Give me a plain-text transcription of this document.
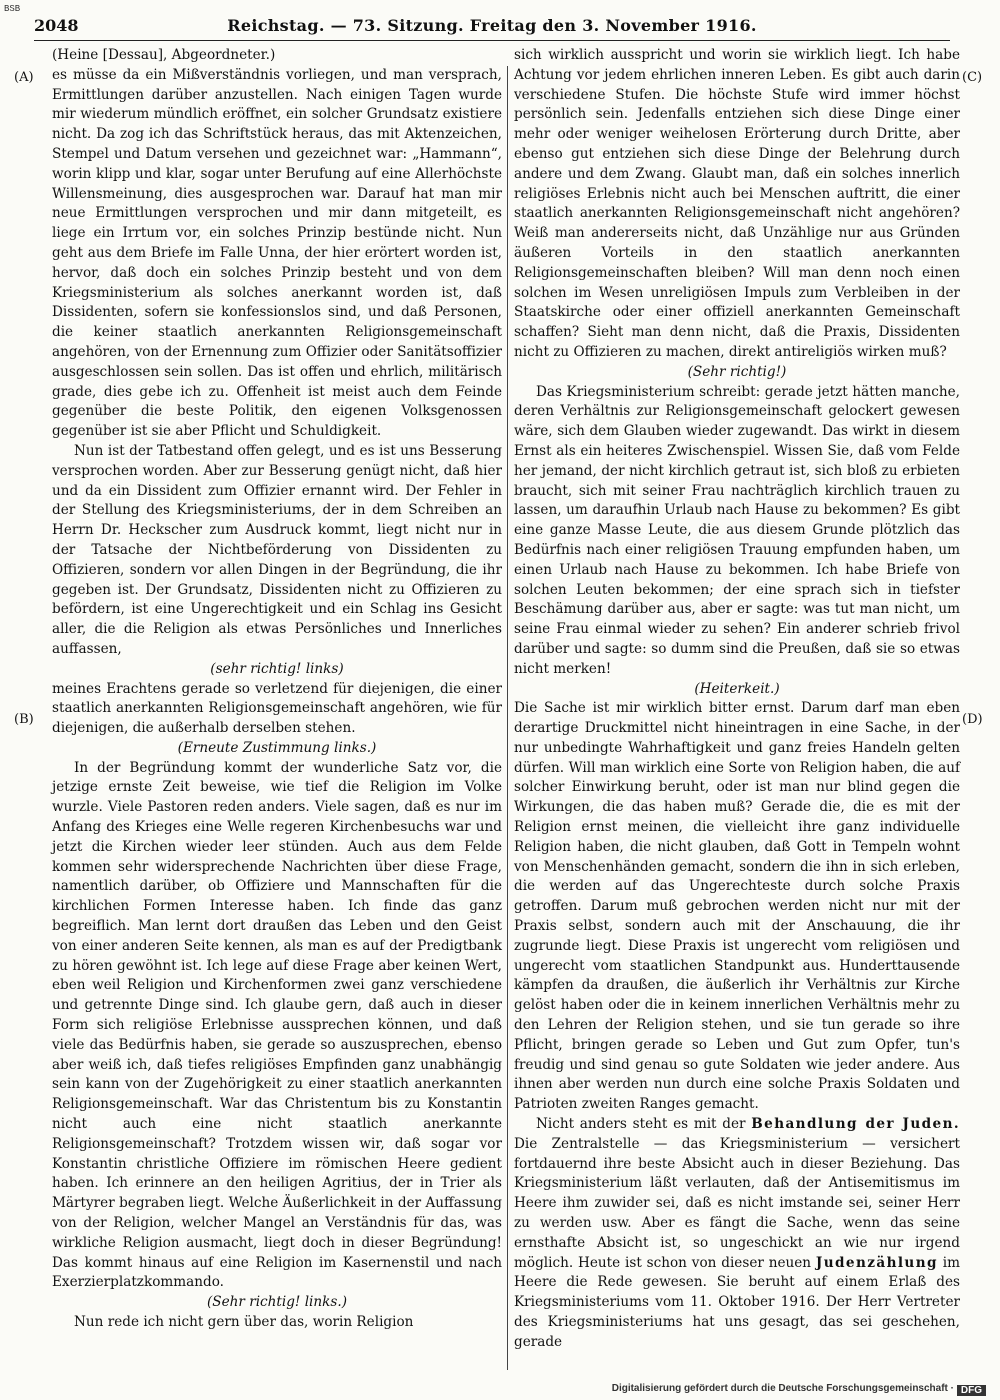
BSB
2048	Reichstag. — 73. Sitzung. Freitag den 3. November 1916.
(A)
(B)
(C)
(D)

(Heine [Dessau], Abgeordneter.)

es müsse da ein Mißverständnis vorliegen, und man versprach, Ermittlungen darüber anzustellen. Nach einigen Tagen wurde mir wiederum mündlich eröffnet, ein solcher Grundsatz existiere nicht. Da zog ich das Schriftstück heraus, das mit Aktenzeichen, Stempel und Datum versehen und gezeichnet war: „Hammann“, worin klipp und klar, sogar unter Berufung auf eine Allerhöchste Willensmeinung, dies ausgesprochen war. Darauf hat man mir neue Ermittlungen versprochen und mir dann mitgeteilt, es liege ein Irrtum vor, ein solches Prinzip bestünde nicht. Nun geht aus dem Briefe im Falle Unna, der hier erörtert worden ist, hervor, daß doch ein solches Prinzip besteht und von dem Kriegsministerium als solches anerkannt worden ist, daß Dissidenten, sofern sie konfessionslos sind, und daß Personen, die keiner staatlich anerkannten Religionsgemeinschaft angehören, von der Ernennung zum Offizier oder Sanitätsoffizier ausgeschlossen sein sollen. Das ist offen und ehrlich, militärisch grade, dies gebe ich zu. Offenheit ist meist auch dem Feinde gegenüber die beste Politik, den eigenen Volksgenossen gegenüber ist sie aber Pflicht und Schuldigkeit.

Nun ist der Tatbestand offen gelegt, und es ist uns Besserung versprochen worden. Aber zur Besserung genügt nicht, daß hier und da ein Dissident zum Offizier ernannt wird. Der Fehler in der Stellung des Kriegsministeriums, der in dem Schreiben an Herrn Dr. Heckscher zum Ausdruck kommt, liegt nicht nur in der Tatsache der Nichtbeförderung von Dissidenten zu Offizieren, sondern vor allen Dingen in der Begründung, die ihr gegeben ist. Der Grundsatz, Dissidenten nicht zu Offizieren zu befördern, ist eine Ungerechtigkeit und ein Schlag ins Gesicht aller, die die Religion als etwas Persönliches und Innerliches auffassen,

(sehr richtig! links)

meines Erachtens gerade so verletzend für diejenigen, die einer staatlich anerkannten Religionsgemeinschaft angehören, wie für diejenigen, die außerhalb derselben stehen.

(Erneute Zustimmung links.)

In der Begründung kommt der wunderliche Satz vor, die jetzige ernste Zeit beweise, wie tief die Religion im Volke wurzle. Viele Pastoren reden anders. Viele sagen, daß es nur im Anfang des Krieges eine Welle regeren Kirchenbesuchs war und jetzt die Kirchen wieder leer stünden. Auch aus dem Felde kommen sehr widersprechende Nachrichten über diese Frage, namentlich darüber, ob Offiziere und Mannschaften für die kirchlichen Formen Interesse haben. Ich finde das ganz begreiflich. Man lernt dort draußen das Leben und den Geist von einer anderen Seite kennen, als man es auf der Predigtbank zu hören gewöhnt ist. Ich lege auf diese Frage aber keinen Wert, eben weil Religion und Kirchenformen zwei ganz verschiedene und getrennte Dinge sind. Ich glaube gern, daß auch in dieser Form sich religiöse Erlebnisse aussprechen können, und daß viele das Bedürfnis haben, sie gerade so auszusprechen, ebenso aber weiß ich, daß tiefes religiöses Empfinden ganz unabhängig sein kann von der Zugehörigkeit zu einer staatlich anerkannten Religionsgemeinschaft. War das Christentum bis zu Konstantin nicht auch eine nicht staatlich anerkannte Religionsgemeinschaft? Trotzdem wissen wir, daß sogar vor Konstantin christliche Offiziere im römischen Heere gedient haben. Ich erinnere an den heiligen Agritius, der in Trier als Märtyrer begraben liegt. Welche Äußerlichkeit in der Auffassung von der Religion, welcher Mangel an Verständnis für das, was wirkliche Religion ausmacht, liegt doch in dieser Begründung! Das kommt hinaus auf eine Religion im Kasernenstil und nach Exerzierplatzkommando.

(Sehr richtig! links.)

Nun rede ich nicht gern über das, worin Religion

sich wirklich ausspricht und worin sie wirklich liegt. Ich habe Achtung vor jedem ehrlichen inneren Leben. Es gibt auch darin verschiedene Stufen. Die höchste Stufe wird immer höchst persönlich sein. Jedenfalls entziehen sich diese Dinge einer mehr oder weniger weihelosen Erörterung durch Dritte, aber ebenso gut entziehen sich diese Dinge der Belehrung durch andere und dem Zwang. Glaubt man, daß ein solches innerlich religiöses Erlebnis nicht auch bei Menschen auftritt, die einer staatlich anerkannten Religionsgemeinschaft nicht angehören? Weiß man andererseits nicht, daß Unzählige nur aus Gründen äußeren Vorteils in den staatlich anerkannten Religionsgemeinschaften bleiben? Will man denn noch einen solchen im Wesen unreligiösen Impuls zum Verbleiben in der Staatskirche oder einer offiziell anerkannten Gemeinschaft schaffen? Sieht man denn nicht, daß die Praxis, Dissidenten nicht zu Offizieren zu machen, direkt antireligiös wirken muß?

(Sehr richtig!)

Das Kriegsministerium schreibt: gerade jetzt hätten manche, deren Verhältnis zur Religionsgemeinschaft gelockert gewesen wäre, sich dem Glauben wieder zugewandt. Das wirkt in diesem Ernst als ein heiteres Zwischenspiel. Wissen Sie, daß vom Felde her jemand, der nicht kirchlich getraut ist, sich bloß zu erbieten braucht, sich mit seiner Frau nachträglich kirchlich trauen zu lassen, um daraufhin Urlaub nach Hause zu bekommen? Es gibt eine ganze Masse Leute, die aus diesem Grunde plötzlich das Bedürfnis nach einer religiösen Trauung empfunden haben, um einen Urlaub nach Hause zu bekommen. Ich habe Briefe von solchen Leuten bekommen; der eine sprach sich in tiefster Beschämung darüber aus, aber er sagte: was tut man nicht, um seine Frau einmal wieder zu sehen? Ein anderer schrieb frivol darüber und sagte: so dumm sind die Preußen, daß sie so etwas nicht merken!

(Heiterkeit.)

Die Sache ist mir wirklich bitter ernst. Darum darf man eben derartige Druckmittel nicht hineintragen in eine Sache, in der nur unbedingte Wahrhaftigkeit und ganz freies Handeln gelten dürfen. Will man wirklich eine Sorte von Religion haben, die auf solcher Einwirkung beruht, oder ist man nur blind gegen die Wirkungen, die das haben muß? Gerade die, die es mit der Religion ernst meinen, die vielleicht ihre ganz individuelle Religion haben, die nicht glauben, daß Gott in Tempeln wohnt von Menschenhänden gemacht, sondern die ihn in sich erleben, die werden auf das Ungerechteste durch solche Praxis getroffen. Darum muß gebrochen werden nicht nur mit der Praxis selbst, sondern auch mit der Anschauung, die ihr zugrunde liegt. Diese Praxis ist ungerecht vom religiösen und ungerecht vom staatlichen Standpunkt aus. Hunderttausende kämpfen da draußen, die äußerlich ihr Verhältnis zur Kirche gelöst haben oder die in keinem innerlichen Verhältnis mehr zu den Lehren der Religion stehen, und sie tun gerade so ihre Pflicht, bringen gerade so Leben und Gut zum Opfer, tun's freudig und sind genau so gute Soldaten wie jeder andere. Aus ihnen aber werden nun durch eine solche Praxis Soldaten und Patrioten zweiten Ranges gemacht.

Nicht anders steht es mit der Behandlung der Juden. Die Zentralstelle — das Kriegsministerium — versichert fortdauernd ihre beste Absicht auch in dieser Beziehung. Das Kriegsministerium läßt verlauten, daß der Antisemitismus im Heere ihm zuwider sei, daß es nicht imstande sei, seiner Herr zu werden usw. Aber es fängt die Sache, wenn das seine ernsthafte Absicht ist, so ungeschickt an wie nur irgend möglich. Heute ist schon von dieser neuen Judenzählung im Heere die Rede gewesen. Sie beruht auf einem Erlaß des Kriegsministeriums vom 11. Oktober 1916. Der Herr Vertreter des Kriegsministeriums hat uns gesagt, das sei geschehen, gerade

Digitalisierung gefördert durch die Deutsche Forschungsgemeinschaft · DFG
